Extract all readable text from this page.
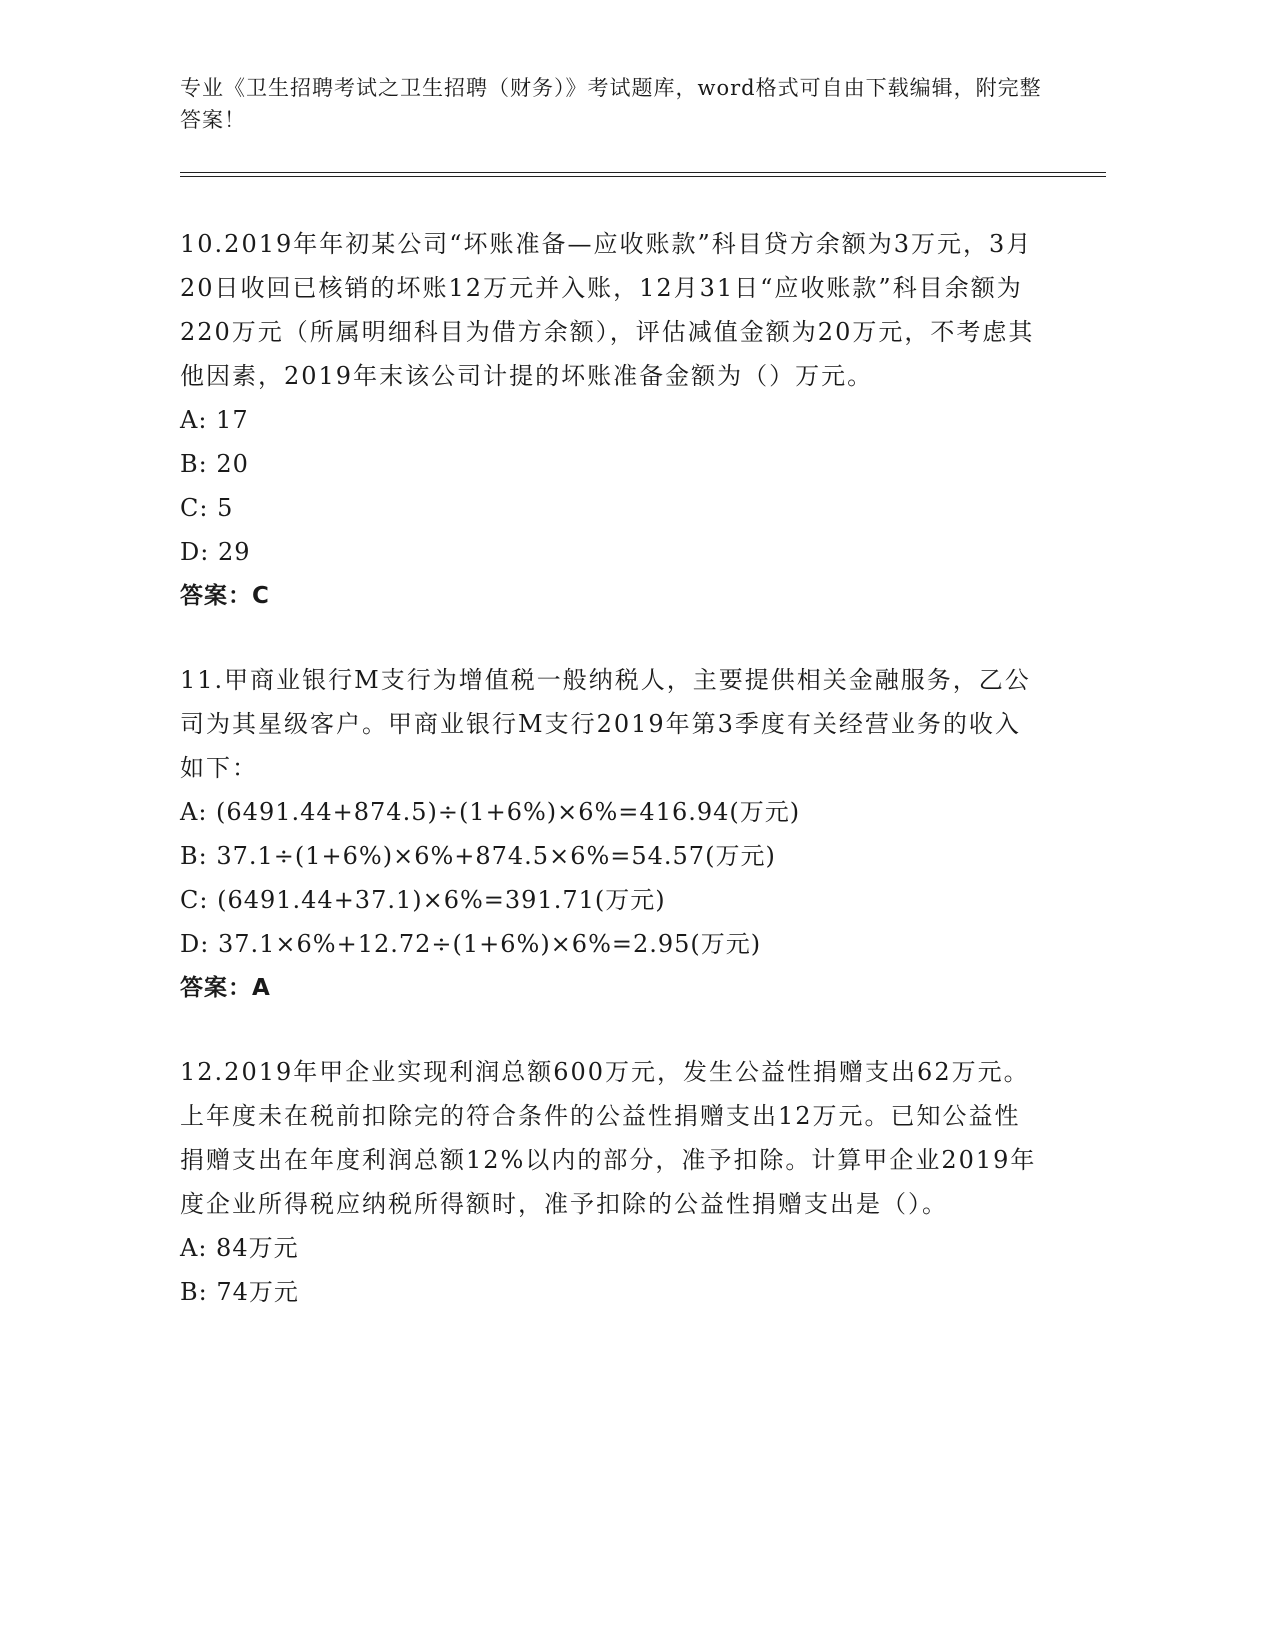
专业《卫生招聘考试之卫生招聘（财务）》考试题库，word格式可自由下载编辑，附完整答案！

10.2019年年初某公司“坏账准备—应收账款”科目贷方余额为3万元，3月20日收回已核销的坏账12万元并入账，12月31日“应收账款”科目余额为220万元（所属明细科目为借方余额），评估减值金额为20万元，不考虑其他因素，2019年末该公司计提的坏账准备金额为（）万元。

A: 17

B: 20

C: 5

D: 29

答案：C

11.甲商业银行M支行为增值税一般纳税人，主要提供相关金融服务，乙公司为其星级客户。甲商业银行M支行2019年第3季度有关经营业务的收入如下：

A: (6491.44+874.5)÷(1+6%)×6%=416.94(万元)

B: 37.1÷(1+6%)×6%+874.5×6%=54.57(万元)

C: (6491.44+37.1)×6%=391.71(万元)

D: 37.1×6%+12.72÷(1+6%)×6%=2.95(万元)

答案：A

12.2019年甲企业实现利润总额600万元，发生公益性捐赠支出62万元。上年度未在税前扣除完的符合条件的公益性捐赠支出12万元。已知公益性捐赠支出在年度利润总额12%以内的部分，准予扣除。计算甲企业2019年度企业所得税应纳税所得额时，准予扣除的公益性捐赠支出是（）。

A: 84万元

B: 74万元
